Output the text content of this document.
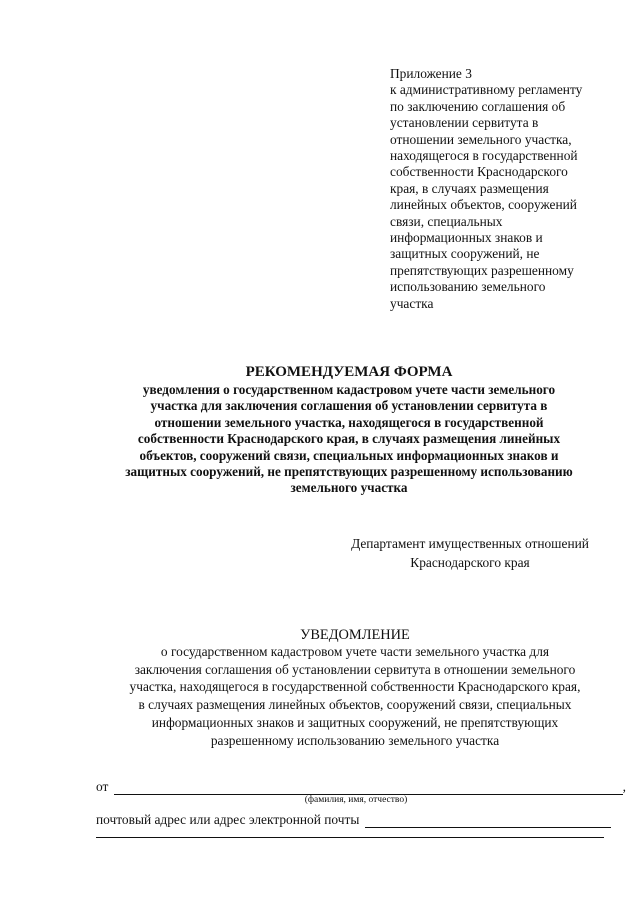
Приложение 3
к административному регламенту
по заключению соглашения об
установлении сервитута в
отношении земельного участка,
находящегося в государственной
собственности Краснодарского
края, в случаях размещения
линейных объектов, сооружений
связи, специальных
информационных знаков и
защитных сооружений, не
препятствующих разрешенному
использованию земельного
участка
РЕКОМЕНДУЕМАЯ ФОРМА
уведомления о государственном кадастровом учете части земельного
участка для заключения соглашения об установлении сервитута в
отношении земельного участка, находящегося в государственной
собственности Краснодарского края, в случаях размещения линейных
объектов, сооружений связи, специальных информационных знаков и
защитных сооружений, не препятствующих разрешенному использованию
земельного участка
Департамент имущественных отношений
Краснодарского края
УВЕДОМЛЕНИЕ
о государственном кадастровом учете части земельного участка для
заключения соглашения об установлении сервитута в отношении земельного
участка, находящегося в государственной собственности Краснодарского края,
в случаях размещения линейных объектов, сооружений связи, специальных
информационных знаков и защитных сооружений, не препятствующих
разрешенному использованию земельного участка
от	,
(фамилия, имя, отчество)
почтовый адрес или адрес электронной почты
